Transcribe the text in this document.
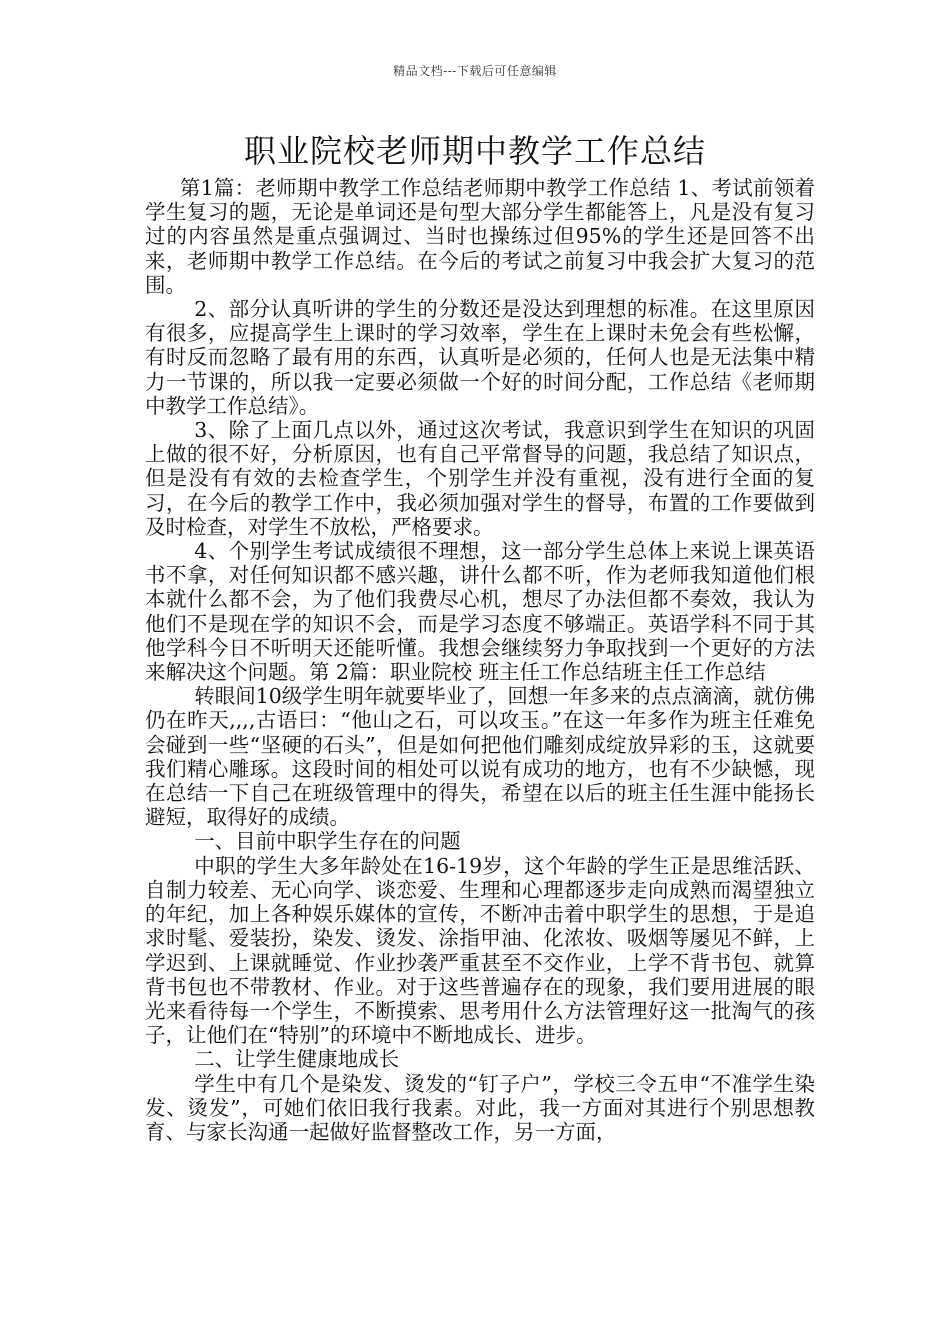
精品文档---下载后可任意编辑
职业院校老师期中教学工作总结

第1篇：老师期中教学工作总结老师期中教学工作总结 1、考试前领着学生复习的题，无论是单词还是句型大部分学生都能答上，凡是没有复习过的内容虽然是重点强调过、当时也操练过但95%的学生还是回答不出来，老师期中教学工作总结。在今后的考试之前复习中我会扩大复习的范围。

2、部分认真听讲的学生的分数还是没达到理想的标准。在这里原因有很多，应提高学生上课时的学习效率，学生在上课时未免会有些松懈，有时反而忽略了最有用的东西，认真听是必须的，任何人也是无法集中精力一节课的，所以我一定要必须做一个好的时间分配，工作总结《老师期中教学工作总结》。

3、除了上面几点以外，通过这次考试，我意识到学生在知识的巩固上做的很不好，分析原因，也有自己平常督导的问题，我总结了知识点，但是没有有效的去检查学生，个别学生并没有重视，没有进行全面的复习，在今后的教学工作中，我必须加强对学生的督导，布置的工作要做到及时检查，对学生不放松，严格要求。

4、个别学生考试成绩很不理想，这一部分学生总体上来说上课英语书不拿，对任何知识都不感兴趣，讲什么都不听，作为老师我知道他们根本就什么都不会，为了他们我费尽心机，想尽了办法但都不奏效，我认为他们不是现在学的知识不会，而是学习态度不够端正。英语学科不同于其他学科今日不听明天还能听懂。我想会继续努力争取找到一个更好的方法来解决这个问题。第 2篇：职业院校 班主任工作总结班主任工作总结

转眼间10级学生明年就要毕业了，回想一年多来的点点滴滴，就仿佛仍在昨天,,,,古语曰：“他山之石，可以攻玉。”在这一年多作为班主任难免会碰到一些“坚硬的石头”，但是如何把他们雕刻成绽放异彩的玉，这就要我们精心雕琢。这段时间的相处可以说有成功的地方，也有不少缺憾，现在总结一下自己在班级管理中的得失，希望在以后的班主任生涯中能扬长避短，取得好的成绩。

一、目前中职学生存在的问题

中职的学生大多年龄处在16-19岁，这个年龄的学生正是思维活跃、自制力较差、无心向学、谈恋爱、生理和心理都逐步走向成熟而渴望独立的年纪，加上各种娱乐媒体的宣传，不断冲击着中职学生的思想，于是追求时髦、爱装扮，染发、烫发、涂指甲油、化浓妆、吸烟等屡见不鲜，上学迟到、上课就睡觉、作业抄袭严重甚至不交作业，上学不背书包、就算背书包也不带教材、作业。对于这些普遍存在的现象，我们要用进展的眼光来看待每一个学生，不断摸索、思考用什么方法管理好这一批淘气的孩子，让他们在“特别”的环境中不断地成长、进步。

二、让学生健康地成长

学生中有几个是染发、烫发的“钉子户”，学校三令五申“不准学生染发、烫发”，可她们依旧我行我素。对此，我一方面对其进行个别思想教育、与家长沟通一起做好监督整改工作，另一方面，
